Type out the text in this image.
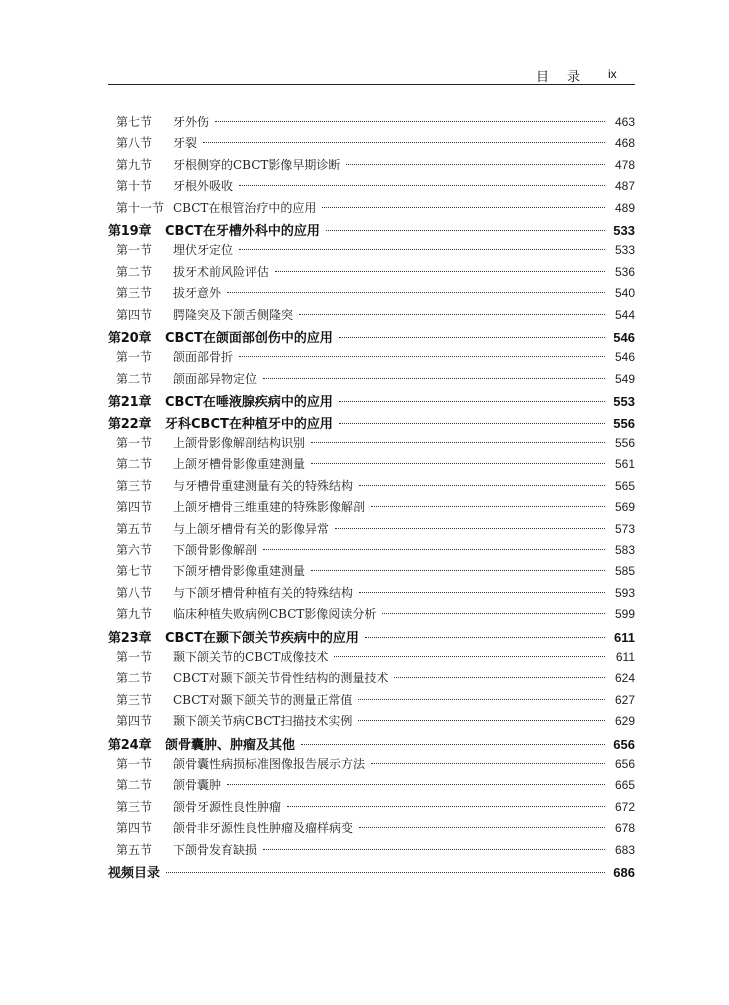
目 录 ix
第七节	牙外伤	463
第八节	牙裂	468
第九节	牙根侧穿的CBCT影像早期诊断	478
第十节	牙根外吸收	487
第十一节 CBCT在根管治疗中的应用	489
第19章	CBCT在牙槽外科中的应用	533
第一节	埋伏牙定位	533
第二节	拔牙术前风险评估	536
第三节	拔牙意外	540
第四节	腭隆突及下颌舌侧隆突	544
第20章	CBCT在颌面部创伤中的应用	546
第一节	颌面部骨折	546
第二节	颌面部异物定位	549
第21章	CBCT在唾液腺疾病中的应用	553
第22章	牙科CBCT在种植牙中的应用	556
第一节	上颌骨影像解剖结构识别	556
第二节	上颌牙槽骨影像重建测量	561
第三节	与牙槽骨重建测量有关的特殊结构	565
第四节	上颌牙槽骨三维重建的特殊影像解剖	569
第五节	与上颌牙槽骨有关的影像异常	573
第六节	下颌骨影像解剖	583
第七节	下颌牙槽骨影像重建测量	585
第八节	与下颌牙槽骨种植有关的特殊结构	593
第九节	临床种植失败病例CBCT影像阅读分析	599
第23章	CBCT在颞下颌关节疾病中的应用	611
第一节	颞下颌关节的CBCT成像技术	611
第二节	CBCT对颞下颌关节骨性结构的测量技术	624
第三节	CBCT对颞下颌关节的测量正常值	627
第四节	颞下颌关节病CBCT扫描技术实例	629
第24章	颌骨囊肿、肿瘤及其他	656
第一节	颌骨囊性病损标准图像报告展示方法	656
第二节	颌骨囊肿	665
第三节	颌骨牙源性良性肿瘤	672
第四节	颌骨非牙源性良性肿瘤及瘤样病变	678
第五节	下颌骨发育缺损	683
视频目录	686
